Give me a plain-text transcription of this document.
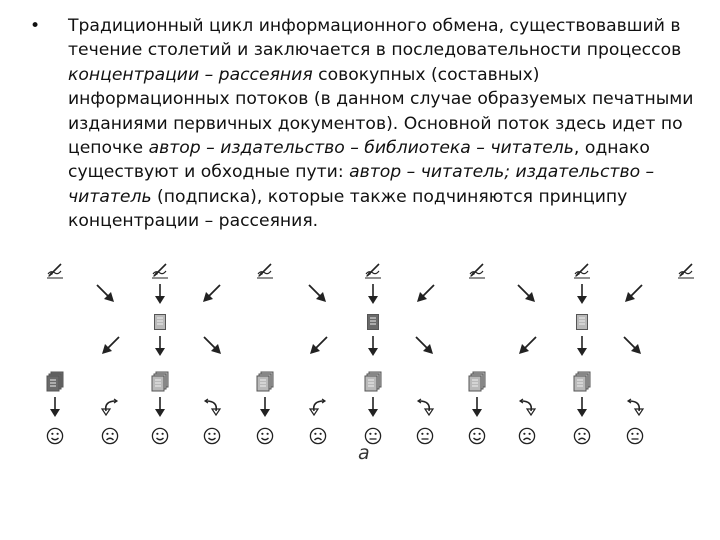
•	Традиционный цикл информационного обмена, существовавший в течение столетий и заключается в последовательности процессов концентрации – рассеяния совокупных (составных) информационных потоков (в данном случае образуемых печатными изданиями первичных документов). Основной поток здесь идет по цепочке автор – издательство – библиотека – читатель, однако существуют и обходные пути: автор – читатель; издательство – читатель (подписка), которые также подчиняются принципу концентрации – рассеяния.
а
